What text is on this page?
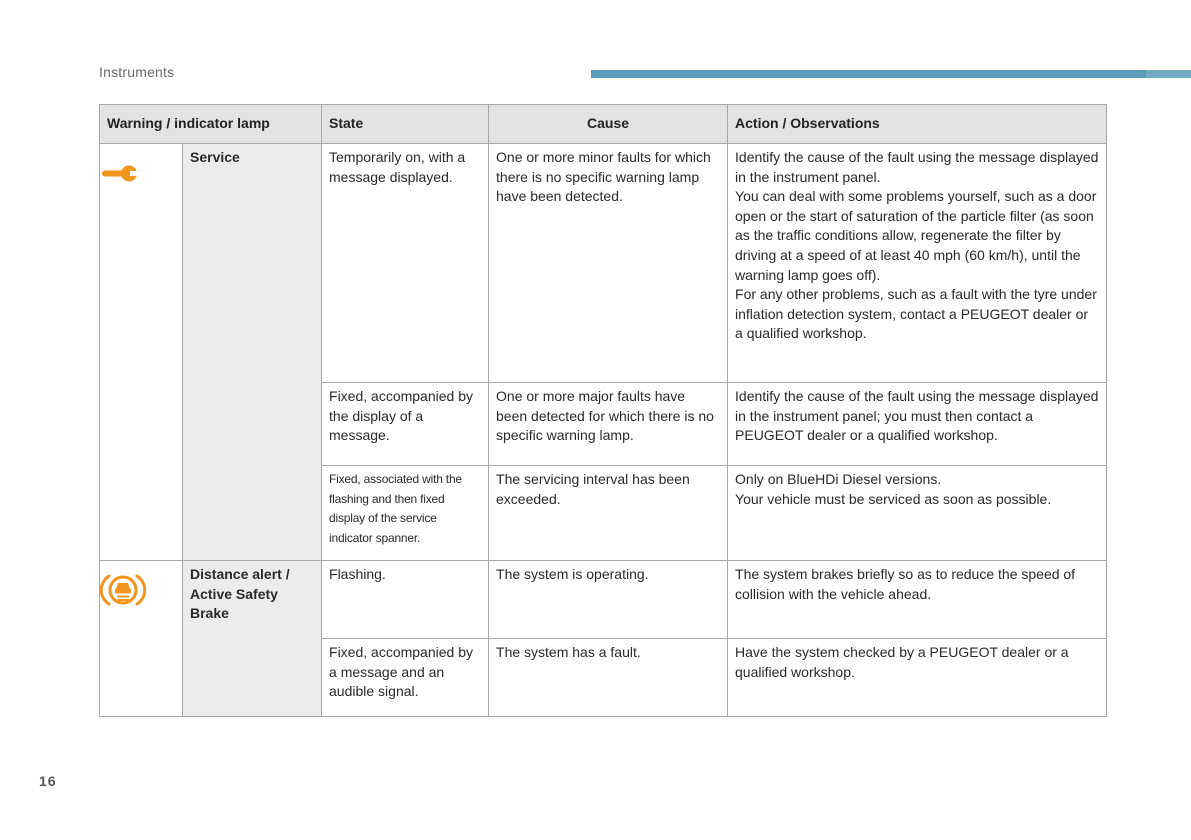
Instruments
Warning / indicator lamp		State	Cause	Action / Observations
	Service	Temporarily on, with a message displayed.	One or more minor faults for which there is no specific warning lamp have been detected.	Identify the cause of the fault using the message displayed in the instrument panel.
You can deal with some problems yourself, such as a door open or the start of saturation of the particle filter (as soon as the traffic conditions allow, regenerate the filter by driving at a speed of at least 40 mph (60 km/h), until the warning lamp goes off).
For any other problems, such as a fault with the tyre under inflation detection system, contact a PEUGEOT dealer or a qualified workshop.
		Fixed, accompanied by the display of a message.	One or more major faults have been detected for which there is no specific warning lamp.	Identify the cause of the fault using the message displayed in the instrument panel; you must then contact a PEUGEOT dealer or a qualified workshop.
		Fixed, associated with the flashing and then fixed display of the service indicator spanner.	The servicing interval has been exceeded.	Only on BlueHDi Diesel versions.
Your vehicle must be serviced as soon as possible.
	Distance alert / Active Safety Brake	Flashing.	The system is operating.	The system brakes briefly so as to reduce the speed of collision with the vehicle ahead.
		Fixed, accompanied by a message and an audible signal.	The system has a fault.	Have the system checked by a PEUGEOT dealer or a qualified workshop.
16
